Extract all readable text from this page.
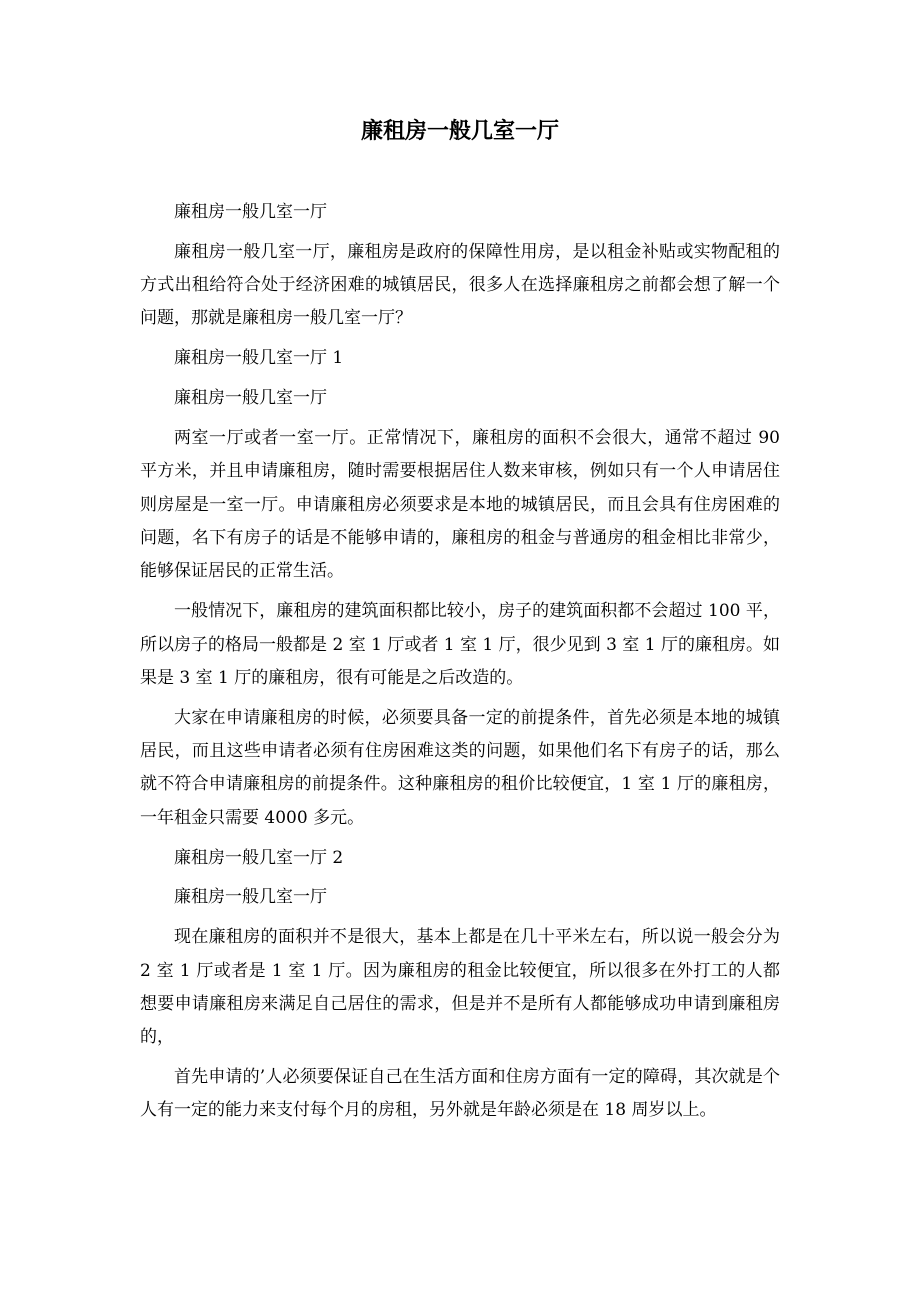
廉租房一般几室一厅

廉租房一般几室一厅

廉租房一般几室一厅，廉租房是政府的保障性用房，是以租金补贴或实物配租的方式出租给符合处于经济困难的城镇居民，很多人在选择廉租房之前都会想了解一个问题，那就是廉租房一般几室一厅？

廉租房一般几室一厅 1

廉租房一般几室一厅

两室一厅或者一室一厅。正常情况下，廉租房的面积不会很大，通常不超过 90 平方米，并且申请廉租房，随时需要根据居住人数来审核，例如只有一个人申请居住则房屋是一室一厅。申请廉租房必须要求是本地的城镇居民，而且会具有住房困难的问题，名下有房子的话是不能够申请的，廉租房的租金与普通房的租金相比非常少，能够保证居民的正常生活。

一般情况下，廉租房的建筑面积都比较小，房子的建筑面积都不会超过 100 平，所以房子的格局一般都是 2 室 1 厅或者 1 室 1 厅，很少见到 3 室 1 厅的廉租房。如果是 3 室 1 厅的廉租房，很有可能是之后改造的。

大家在申请廉租房的时候，必须要具备一定的前提条件，首先必须是本地的城镇居民，而且这些申请者必须有住房困难这类的问题，如果他们名下有房子的话，那么就不符合申请廉租房的前提条件。这种廉租房的租价比较便宜，1 室 1 厅的廉租房，一年租金只需要 4000 多元。

廉租房一般几室一厅 2

廉租房一般几室一厅

现在廉租房的面积并不是很大，基本上都是在几十平米左右，所以说一般会分为 2 室 1 厅或者是 1 室 1 厅。因为廉租房的租金比较便宜，所以很多在外打工的人都想要申请廉租房来满足自己居住的需求，但是并不是所有人都能够成功申请到廉租房的，

首先申请的’人必须要保证自己在生活方面和住房方面有一定的障碍，其次就是个人有一定的能力来支付每个月的房租，另外就是年龄必须是在 18 周岁以上。
